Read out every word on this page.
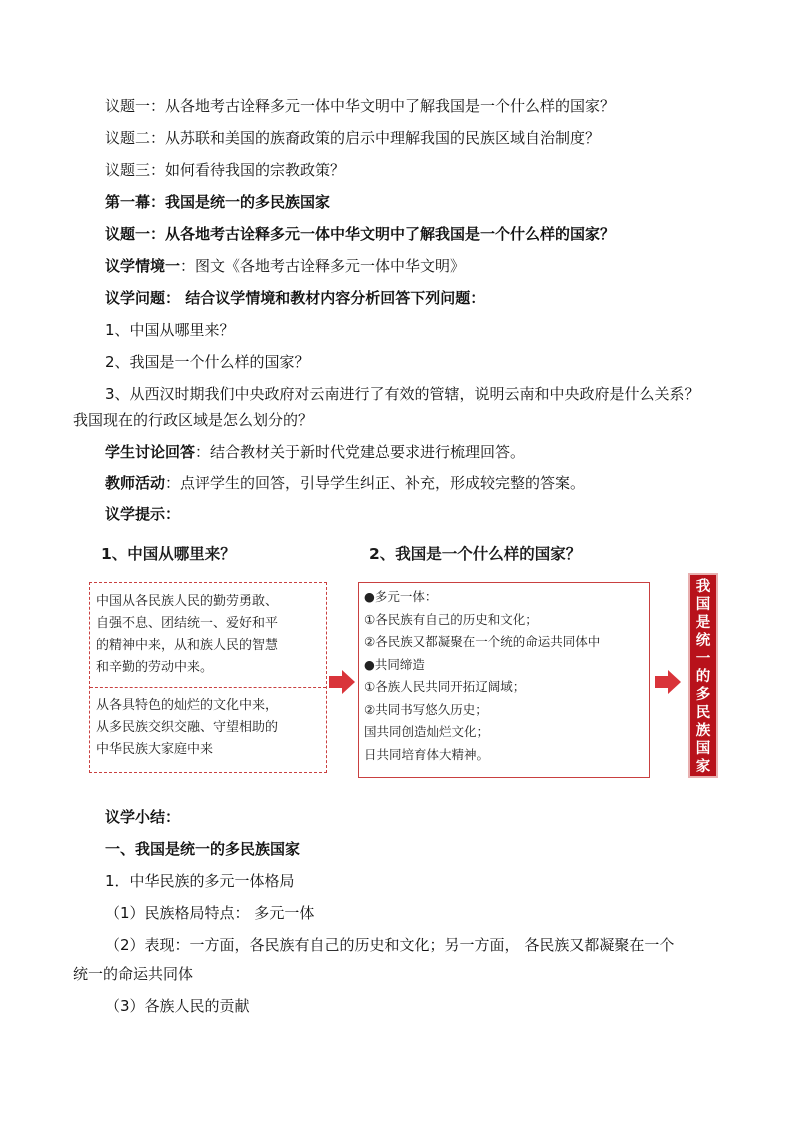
议题一：从各地考古诠释多元一体中华文明中了解我国是一个什么样的国家？
议题二：从苏联和美国的族裔政策的启示中理解我国的民族区域自治制度？
议题三：如何看待我国的宗教政策？
第一幕：我国是统一的多民族国家
议题一：从各地考古诠释多元一体中华文明中了解我国是一个什么样的国家？
议学情境一：图文《各地考古诠释多元一体中华文明》
议学问题： 结合议学情境和教材内容分析回答下列问题：
1、中国从哪里来？
2、我国是一个什么样的国家？
3、从西汉时期我们中央政府对云南进行了有效的管辖，说明云南和中央政府是什么关系？
我国现在的行政区域是怎么划分的？
学生讨论回答：结合教材关于新时代党建总要求进行梳理回答。
教师活动：点评学生的回答，引导学生纠正、补充，形成较完整的答案。
议学提示：
1、中国从哪里来？	2、我国是一个什么样的国家？
中国从各民族人民的勤劳勇敢、
自强不息、团结统一、爱好和平
的精神中来，从和族人民的智慧
和辛勤的劳动中来。
从各具特色的灿烂的文化中来，
从多民族交织交融、守望相助的
中华民族大家庭中来
●多元一体：
①各民族有自己的历史和文化；
②各民族又都凝聚在一个统的命运共同体中
●共同缔造
①各族人民共同开拓辽阔域；
②共同书写悠久历史；
国共同创造灿烂文化；
日共同培育体大精神。
我
国
是
统
一
的
多
民
族
国
家
议学小结：
一、我国是统一的多民族国家
1．中华民族的多元一体格局
（1）民族格局特点： 多元一体
（2）表现：一方面，各民族有自己的历史和文化；另一方面， 各民族又都凝聚在一个
统一的命运共同体
（3）各族人民的贡献
